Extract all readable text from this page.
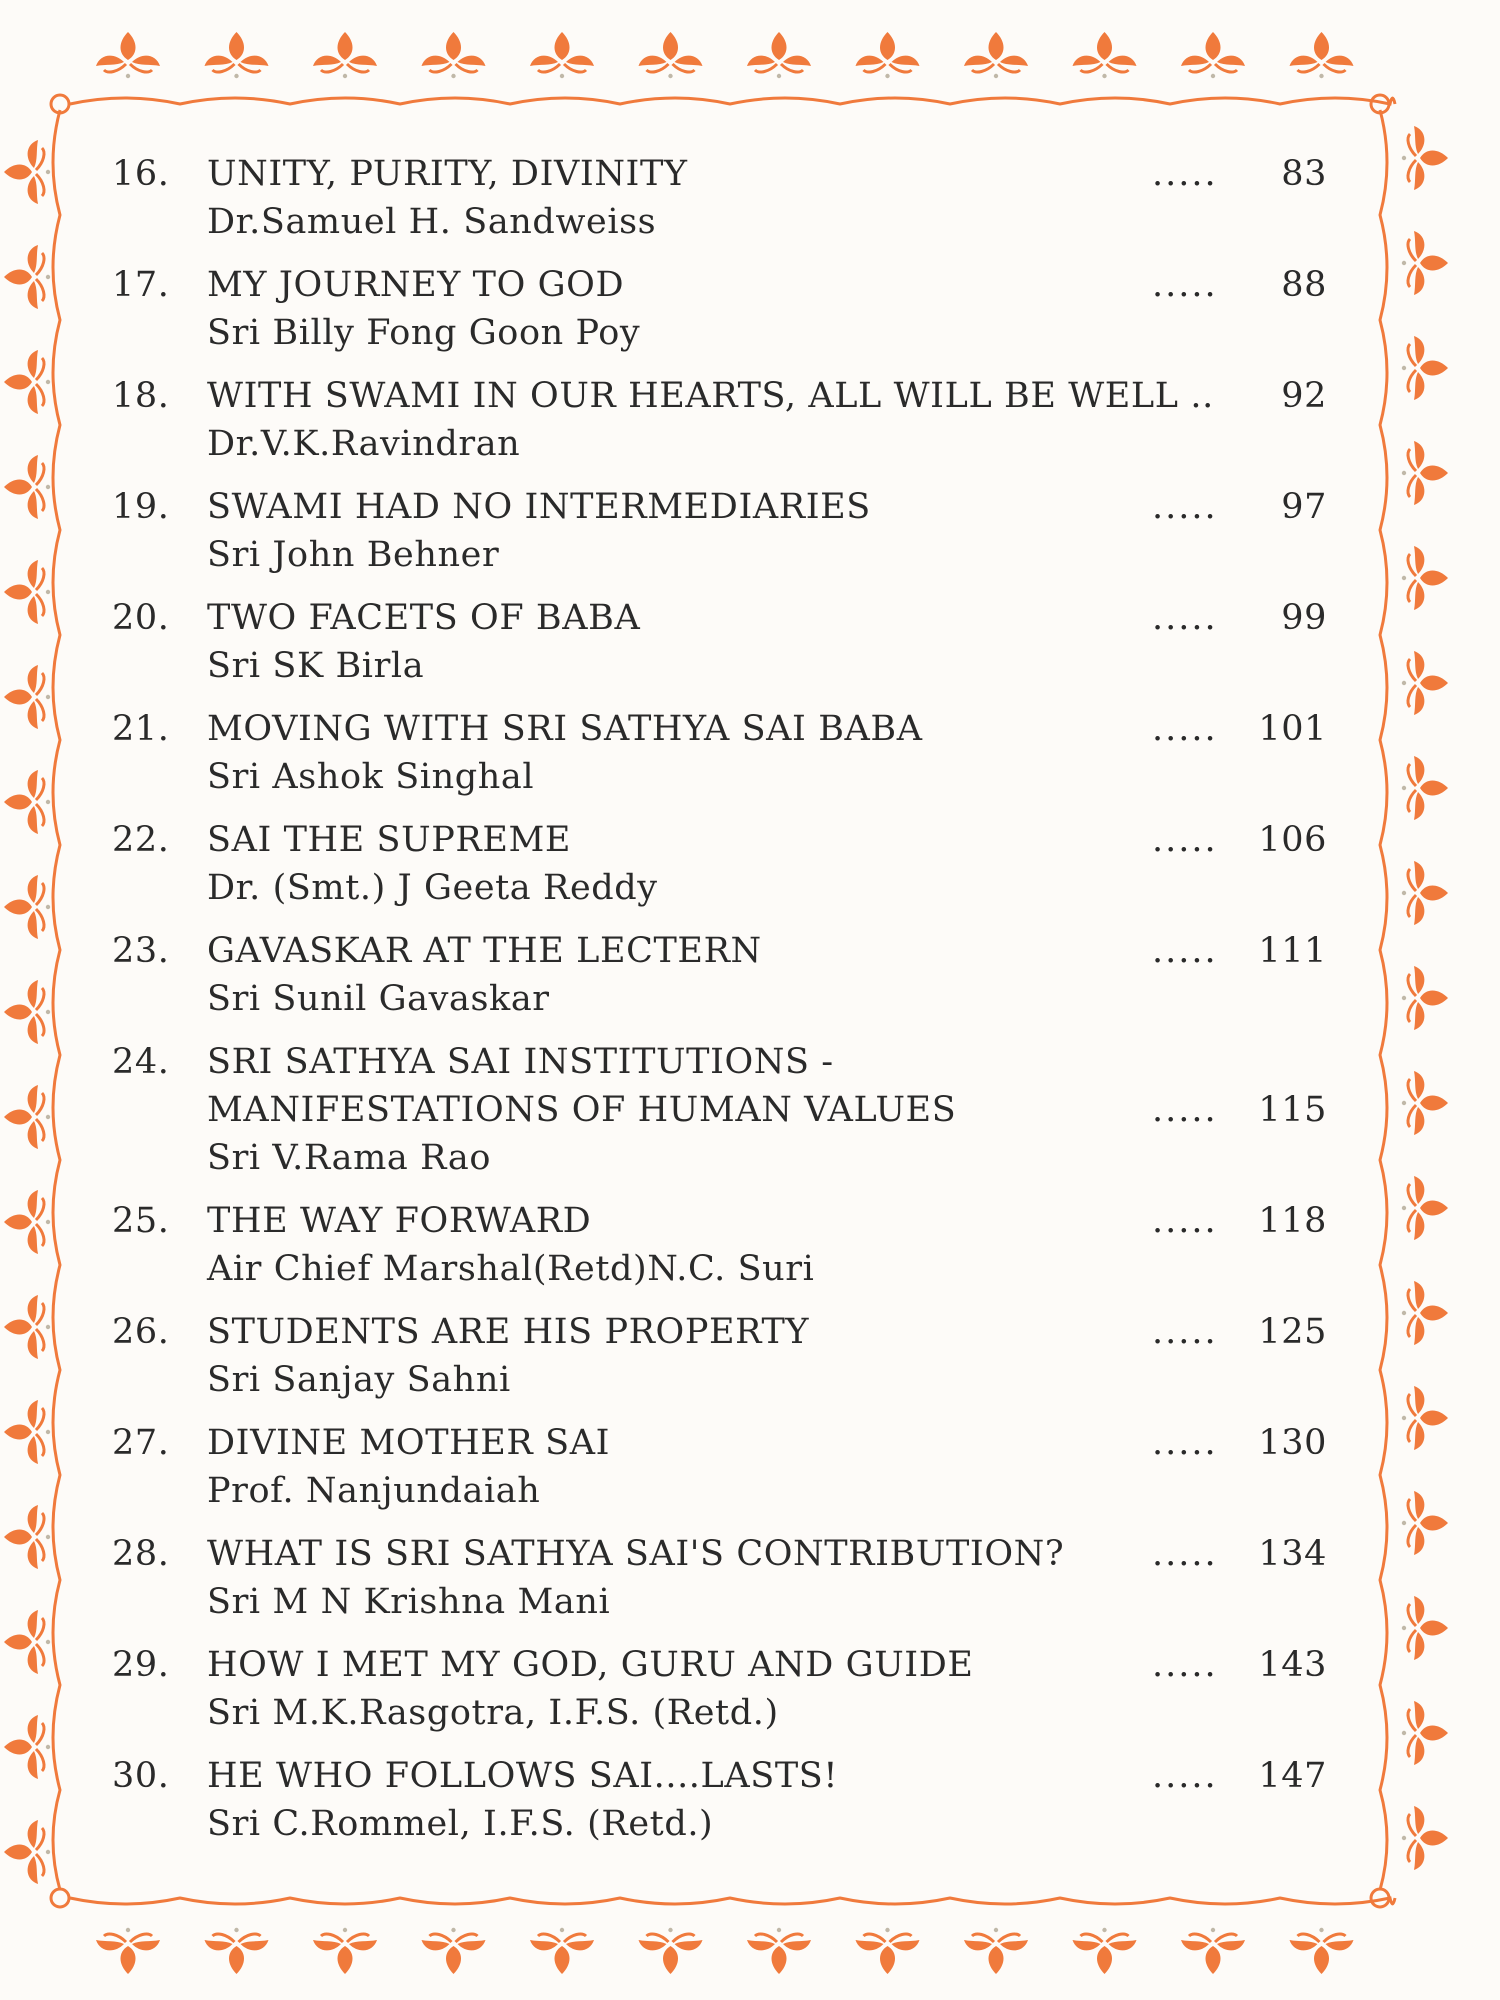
16. UNITY, PURITY, DIVINITY	..... 83
Dr.Samuel H. Sandweiss
17. MY JOURNEY TO GOD	..... 88
Sri Billy Fong Goon Poy
18. WITH SWAMI IN OUR HEARTS, ALL WILL BE WELL .. 92
Dr.V.K.Ravindran
19. SWAMI HAD NO INTERMEDIARIES	..... 97
Sri John Behner
20. TWO FACETS OF BABA	..... 99
Sri SK Birla
21. MOVING WITH SRI SATHYA SAI BABA	..... 101
Sri Ashok Singhal
22. SAI THE SUPREME	..... 106
Dr. (Smt.) J Geeta Reddy
23. GAVASKAR AT THE LECTERN	..... 111
Sri Sunil Gavaskar
24. SRI SATHYA SAI INSTITUTIONS -
MANIFESTATIONS OF HUMAN VALUES	..... 115
Sri V.Rama Rao
25. THE WAY FORWARD	..... 118
Air Chief Marshal(Retd)N.C. Suri
26. STUDENTS ARE HIS PROPERTY	..... 125
Sri Sanjay Sahni
27. DIVINE MOTHER SAI	..... 130
Prof. Nanjundaiah
28. WHAT IS SRI SATHYA SAI'S CONTRIBUTION?	..... 134
Sri M N Krishna Mani
29. HOW I MET MY GOD, GURU AND GUIDE	..... 143
Sri M.K.Rasgotra, I.F.S. (Retd.)
30. HE WHO FOLLOWS SAI....LASTS!	..... 147
Sri C.Rommel, I.F.S. (Retd.)
